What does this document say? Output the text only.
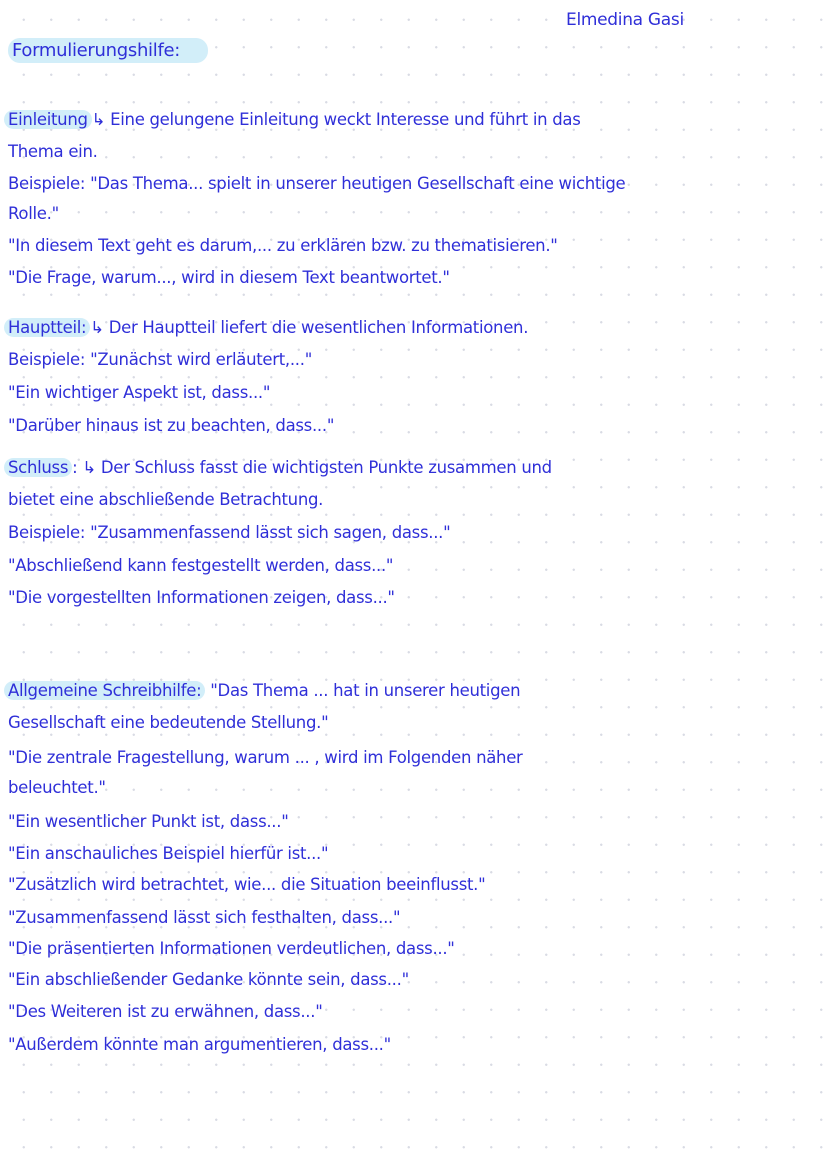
Elmedina Gasi
Formulierungshilfe:
Einleitung ↳ Eine gelungene Einleitung weckt Interesse und führt in das
Thema ein.
Beispiele: "Das Thema... spielt in unserer heutigen Gesellschaft eine wichtige
Rolle."
"In diesem Text geht es darum,... zu erklären bzw. zu thematisieren."
"Die Frage, warum..., wird in diesem Text beantwortet."
Hauptteil: ↳ Der Hauptteil liefert die wesentlichen Informationen.
Beispiele: "Zunächst wird erläutert,..."
"Ein wichtiger Aspekt ist, dass..."
"Darüber hinaus ist zu beachten, dass..."
Schluss : ↳ Der Schluss fasst die wichtigsten Punkte zusammen und
bietet eine abschließende Betrachtung.
Beispiele: "Zusammenfassend lässt sich sagen, dass..."
"Abschließend kann festgestellt werden, dass..."
"Die vorgestellten Informationen zeigen, dass..."
Allgemeine Schreibhilfe: "Das Thema ... hat in unserer heutigen
Gesellschaft eine bedeutende Stellung."
"Die zentrale Fragestellung, warum ... , wird im Folgenden näher
beleuchtet."
"Ein wesentlicher Punkt ist, dass..."
"Ein anschauliches Beispiel hierfür ist..."
"Zusätzlich wird betrachtet, wie... die Situation beeinflusst."
"Zusammenfassend lässt sich festhalten, dass..."
"Die präsentierten Informationen verdeutlichen, dass..."
"Ein abschließender Gedanke könnte sein, dass..."
"Des Weiteren ist zu erwähnen, dass..."
"Außerdem könnte man argumentieren, dass..."
